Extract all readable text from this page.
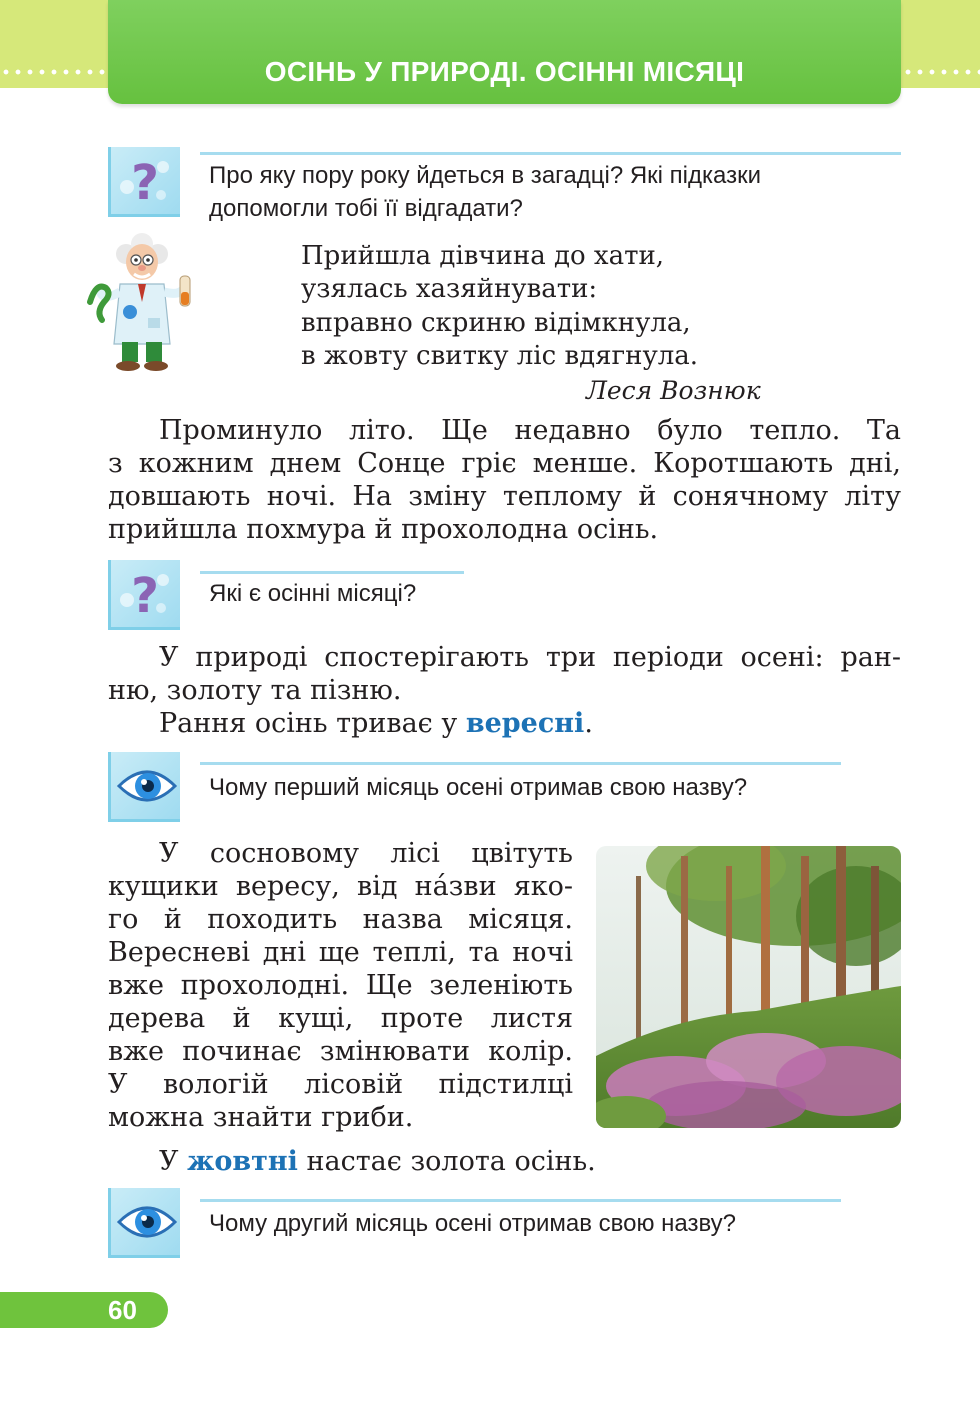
ОСІНЬ У ПРИРОДІ. ОСІННІ МІСЯЦІ
? Про яку пору року йдеться в загадці? Які підказки
допомогли тобі її відгадати?
Прийшла дівчина до хати,
узялась хазяйнувати:
вправно скриню відімкнула,
в жовту свитку ліс вдягнула.
Леся Вознюк
Проминуло літо. Ще недавно було тепло. Та
з кожним днем Сонце гріє менше. Коротшають дні,
довшають ночі. На зміну теплому й сонячному літу
прийшла похмура й прохолодна осінь.
? Які є осінні місяці?
У природі спостерігають три періоди осені: ран-
ню, золоту та пізню.
Рання осінь триває у вересні.
Чому перший місяць осені отримав свою назву?
У сосновому лісі цвітуть
кущики вересу, від на́зви яко-
го й походить назва місяця.
Вересневі дні ще теплі, та ночі
вже прохолодні. Ще зеленіють
дерева й кущі, проте листя
вже починає змінювати колір.
У вологій лісовій підстилці
можна знайти гриби.
У жовтні настає золота осінь.
Чому другий місяць осені отримав свою назву?
60
